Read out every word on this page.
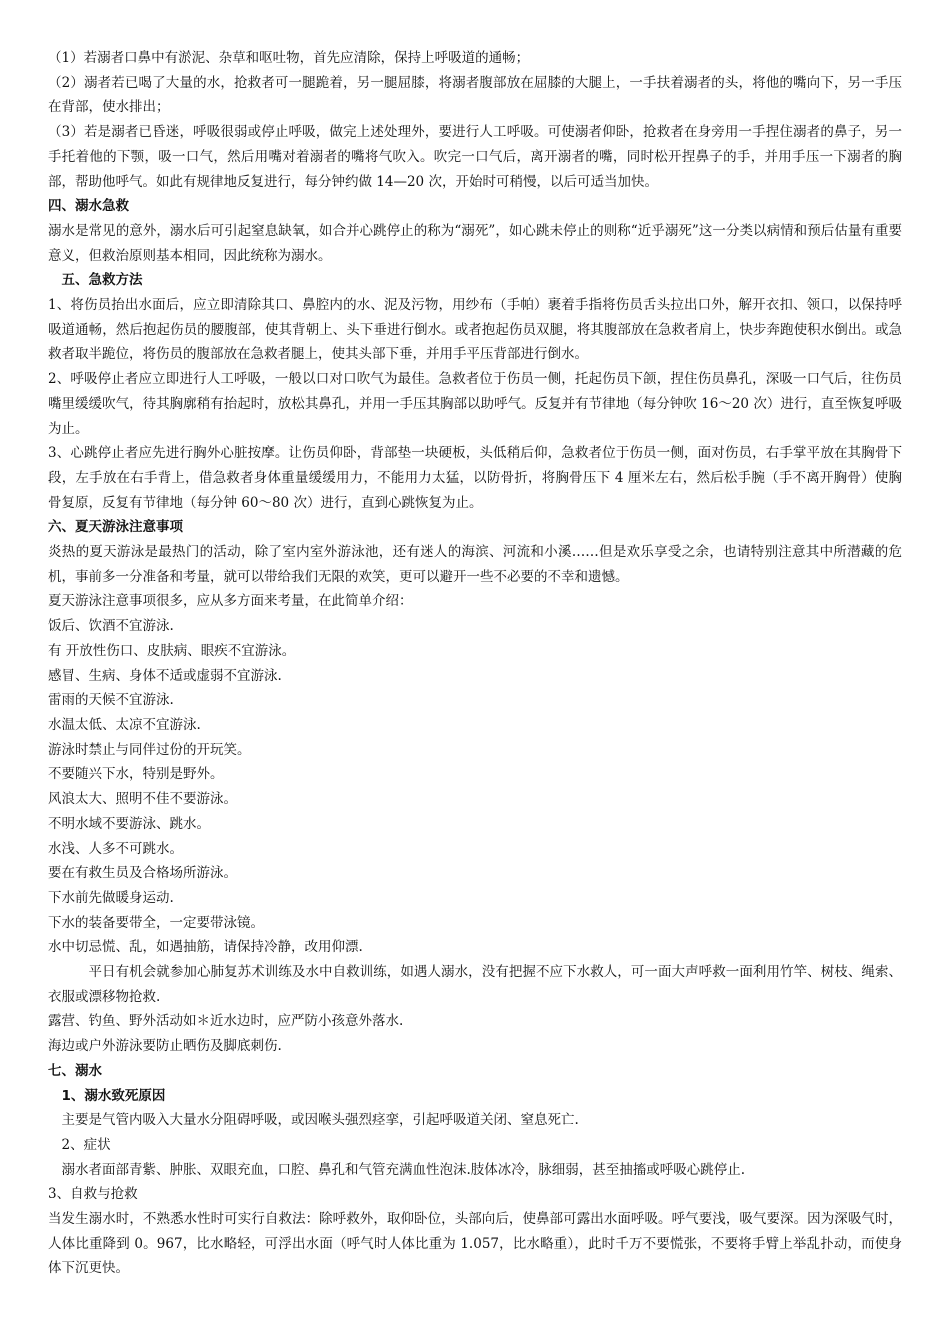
（1）若溺者口鼻中有淤泥、杂草和呕吐物，首先应清除，保持上呼吸道的通畅；

（2）溺者若已喝了大量的水，抢救者可一腿跪着，另一腿屈膝，将溺者腹部放在屈膝的大腿上，一手扶着溺者的头，将他的嘴向下，另一手压在背部，使水排出；

（3）若是溺者已昏迷，呼吸很弱或停止呼吸，做完上述处理外，要进行人工呼吸。可使溺者仰卧，抢救者在身旁用一手捏住溺者的鼻子，另一手托着他的下颚，吸一口气，然后用嘴对着溺者的嘴将气吹入。吹完一口气后，离开溺者的嘴，同时松开捏鼻子的手，并用手压一下溺者的胸部，帮助他呼气。如此有规律地反复进行，每分钟约做 14—20 次，开始时可稍慢，以后可适当加快。

四、溺水急救

溺水是常见的意外，溺水后可引起窒息缺氧，如合并心跳停止的称为“溺死”，如心跳未停止的则称“近乎溺死”这一分类以病情和预后估量有重要意义，但救治原则基本相同，因此统称为溺水。

五、急救方法

1、将伤员抬出水面后，应立即清除其口、鼻腔内的水、泥及污物，用纱布（手帕）裹着手指将伤员舌头拉出口外，解开衣扣、领口，以保持呼吸道通畅，然后抱起伤员的腰腹部，使其背朝上、头下垂进行倒水。或者抱起伤员双腿，将其腹部放在急救者肩上，快步奔跑使积水倒出。或急救者取半跪位，将伤员的腹部放在急救者腿上，使其头部下垂，并用手平压背部进行倒水。

2、呼吸停止者应立即进行人工呼吸，一般以口对口吹气为最佳。急救者位于伤员一侧，托起伤员下颌，捏住伤员鼻孔，深吸一口气后，往伤员嘴里缓缓吹气，待其胸廓稍有抬起时，放松其鼻孔，并用一手压其胸部以助呼气。反复并有节律地（每分钟吹 16～20 次）进行，直至恢复呼吸为止。

3、心跳停止者应先进行胸外心脏按摩。让伤员仰卧，背部垫一块硬板，头低稍后仰，急救者位于伤员一侧，面对伤员，右手掌平放在其胸骨下段，左手放在右手背上，借急救者身体重量缓缓用力，不能用力太猛，以防骨折，将胸骨压下 4 厘米左右，然后松手腕（手不离开胸骨）使胸骨复原，反复有节律地（每分钟 60～80 次）进行，直到心跳恢复为止。

六、夏天游泳注意事项

炎热的夏天游泳是最热门的活动，除了室内室外游泳池，还有迷人的海滨、河流和小溪……但是欢乐享受之余，也请特别注意其中所潜藏的危机，事前多一分准备和考量，就可以带给我们无限的欢笑，更可以避开一些不必要的不幸和遗憾。

夏天游泳注意事项很多，应从多方面来考量，在此简单介绍：

饭后、饮酒不宜游泳.

有 开放性伤口、皮肤病、眼疾不宜游泳。

感冒、生病、身体不适或虚弱不宜游泳.

雷雨的天候不宜游泳.

水温太低、太凉不宜游泳.

游泳时禁止与同伴过份的开玩笑。

不要随兴下水，特别是野外。

风浪太大、照明不佳不要游泳。

不明水域不要游泳、跳水。

水浅、人多不可跳水。

要在有救生员及合格场所游泳。

下水前先做暖身运动.

下水的装备要带全，一定要带泳镜。

水中切忌慌、乱，如遇抽筋，请保持冷静，改用仰漂.

平日有机会就参加心肺复苏术训练及水中自救训练，如遇人溺水，没有把握不应下水救人，可一面大声呼救一面利用竹竿、树枝、绳索、衣服或漂移物抢救.

露营、钓鱼、野外活动如＊近水边时，应严防小孩意外落水.

海边或户外游泳要防止晒伤及脚底刺伤.

七、溺水

1、溺水致死原因

主要是气管内吸入大量水分阻碍呼吸，或因喉头强烈痉挛，引起呼吸道关闭、窒息死亡.

2、症状

溺水者面部青紫、肿胀、双眼充血，口腔、鼻孔和气管充满血性泡沫.肢体冰冷，脉细弱，甚至抽搐或呼吸心跳停止.

3、自救与抢救

当发生溺水时，不熟悉水性时可实行自救法：除呼救外，取仰卧位，头部向后，使鼻部可露出水面呼吸。呼气要浅，吸气要深。因为深吸气时，人体比重降到 0。967，比水略轻，可浮出水面（呼气时人体比重为 1.057，比水略重），此时千万不要慌张，不要将手臂上举乱扑动，而使身体下沉更快。
